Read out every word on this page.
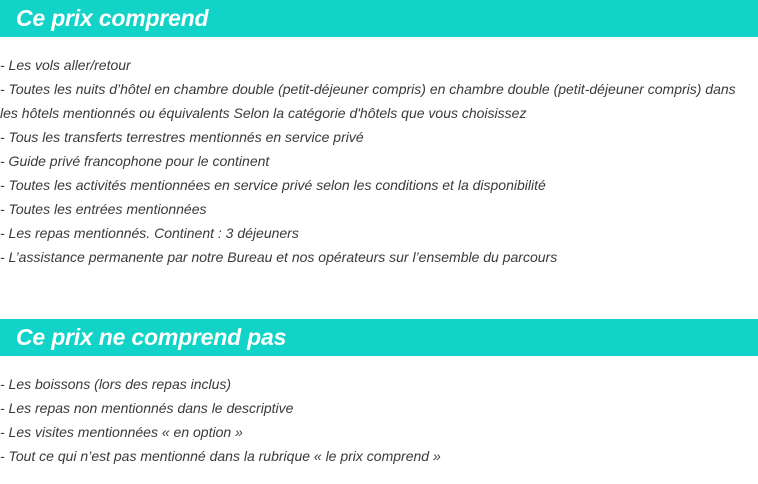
Ce prix comprend
- Les vols aller/retour
- Toutes les nuits d’hôtel en chambre double (petit-déjeuner compris) en chambre double (petit-déjeuner compris) dans les hôtels mentionnés ou équivalents Selon la catégorie d'hôtels que vous choisissez
- Tous les transferts terrestres mentionnés en service privé
- Guide privé francophone pour le continent
- Toutes les activités mentionnées en service privé selon les conditions et la disponibilité
- Toutes les entrées mentionnées
- Les repas mentionnés. Continent : 3 déjeuners
- L’assistance permanente par notre Bureau et nos opérateurs sur l’ensemble du parcours
Ce prix ne comprend pas
- Les boissons (lors des repas inclus)
- Les repas non mentionnés dans le descriptive
- Les visites mentionnées « en option »
- Tout ce qui n’est pas mentionné dans la rubrique « le prix comprend »
